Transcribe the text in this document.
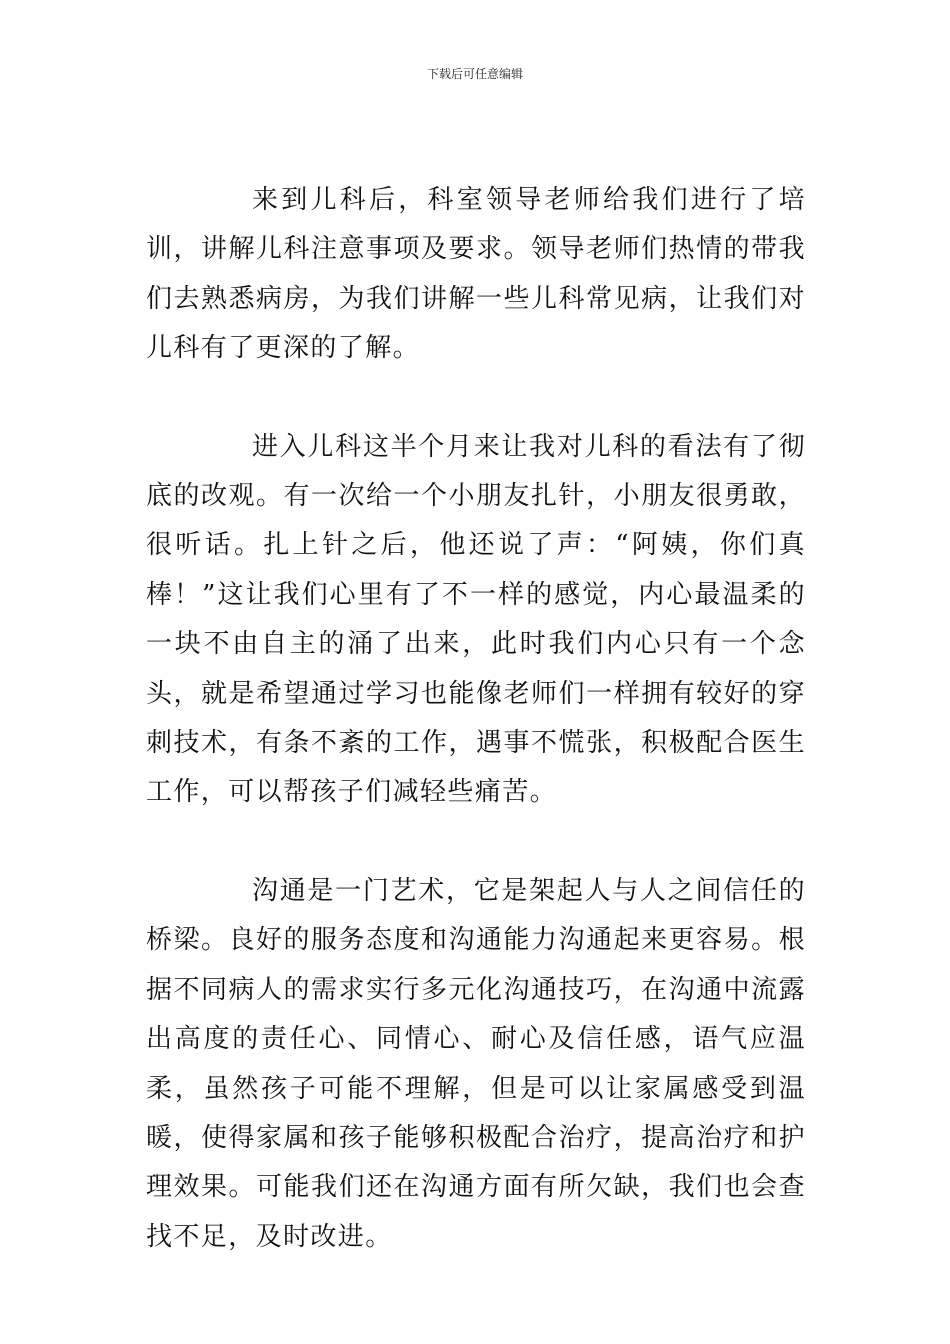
下载后可任意编辑

来到儿科后，科室领导老师给我们进行了培训，讲解儿科注意事项及要求。领导老师们热情的带我们去熟悉病房，为我们讲解一些儿科常见病，让我们对儿科有了更深的了解。

进入儿科这半个月来让我对儿科的看法有了彻底的改观。有一次给一个小朋友扎针，小朋友很勇敢，很听话。扎上针之后，他还说了声：“阿姨，你们真棒！”这让我们心里有了不一样的感觉，内心最温柔的一块不由自主的涌了出来，此时我们内心只有一个念头，就是希望通过学习也能像老师们一样拥有较好的穿刺技术，有条不紊的工作，遇事不慌张，积极配合医生工作，可以帮孩子们减轻些痛苦。

沟通是一门艺术，它是架起人与人之间信任的桥梁。良好的服务态度和沟通能力沟通起来更容易。根据不同病人的需求实行多元化沟通技巧，在沟通中流露出高度的责任心、同情心、耐心及信任感，语气应温柔，虽然孩子可能不理解，但是可以让家属感受到温暖，使得家属和孩子能够积极配合治疗，提高治疗和护理效果。可能我们还在沟通方面有所欠缺，我们也会查找不足，及时改进。
